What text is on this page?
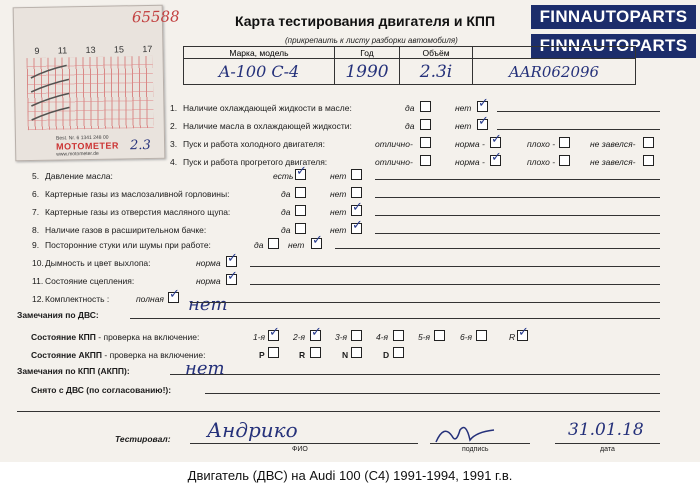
65588
9 11 13 15 17
Best. Nr. 6 1341 248 00
MOTOMETER
www.motometer.de
2.3
FINNAUTOPARTS
FINNAUTOPARTS
Карта тестирования двигателя и КПП
(прикрепаить к листу разборки автомобиля)
Марка, модель	Год	Объём	
A-100 C-4	1990	2.3i	AAR062096
1. Наличие охлаждающей жидкости в масле:	да	нет ✓
2. Наличие масла в охлаждающей жидкости:	да	нет ✓
3. Пуск и работа холодного двигателя:	отлично-	норма - ✓	плохо -	не завелся-
4. Пуск и работа прогретого двигателя:	отлично-	норма - ✓	плохо -	не завелся-
5. Давление масла:	есть ✓	нет
6. Картерные газы из маслозаливной горловины:	да	нет
7. Картерные газы из отверстия масляного щупа:	да	нет ✓
8. Наличие газов в расширительном бачке:	да	нет ✓
9. Посторонние стуки или шумы при работе:	да	нет ✓
10. Дымность и цвет выхлопа:	норма ✓
11. Состояние сцепления:	норма ✓
12. Комплектность :	полная ✓ нет
Замечания по ДВС:
Состояние КПП - проверка на включение:	1-я ✓ 2-я ✓ 3-я	4-я	5-я	6-я	R ✓
Состояние АКПП - проверка на включение:	P	R	N	D
Замечания по КПП (АКПП):	нет
Снято с ДВС (по согласованию!):
Тестировал: Андрико
ФИО	подпись
31.01.18
дата
Двигатель (ДВС) на Audi 100 (C4) 1991-1994, 1991 г.в.
